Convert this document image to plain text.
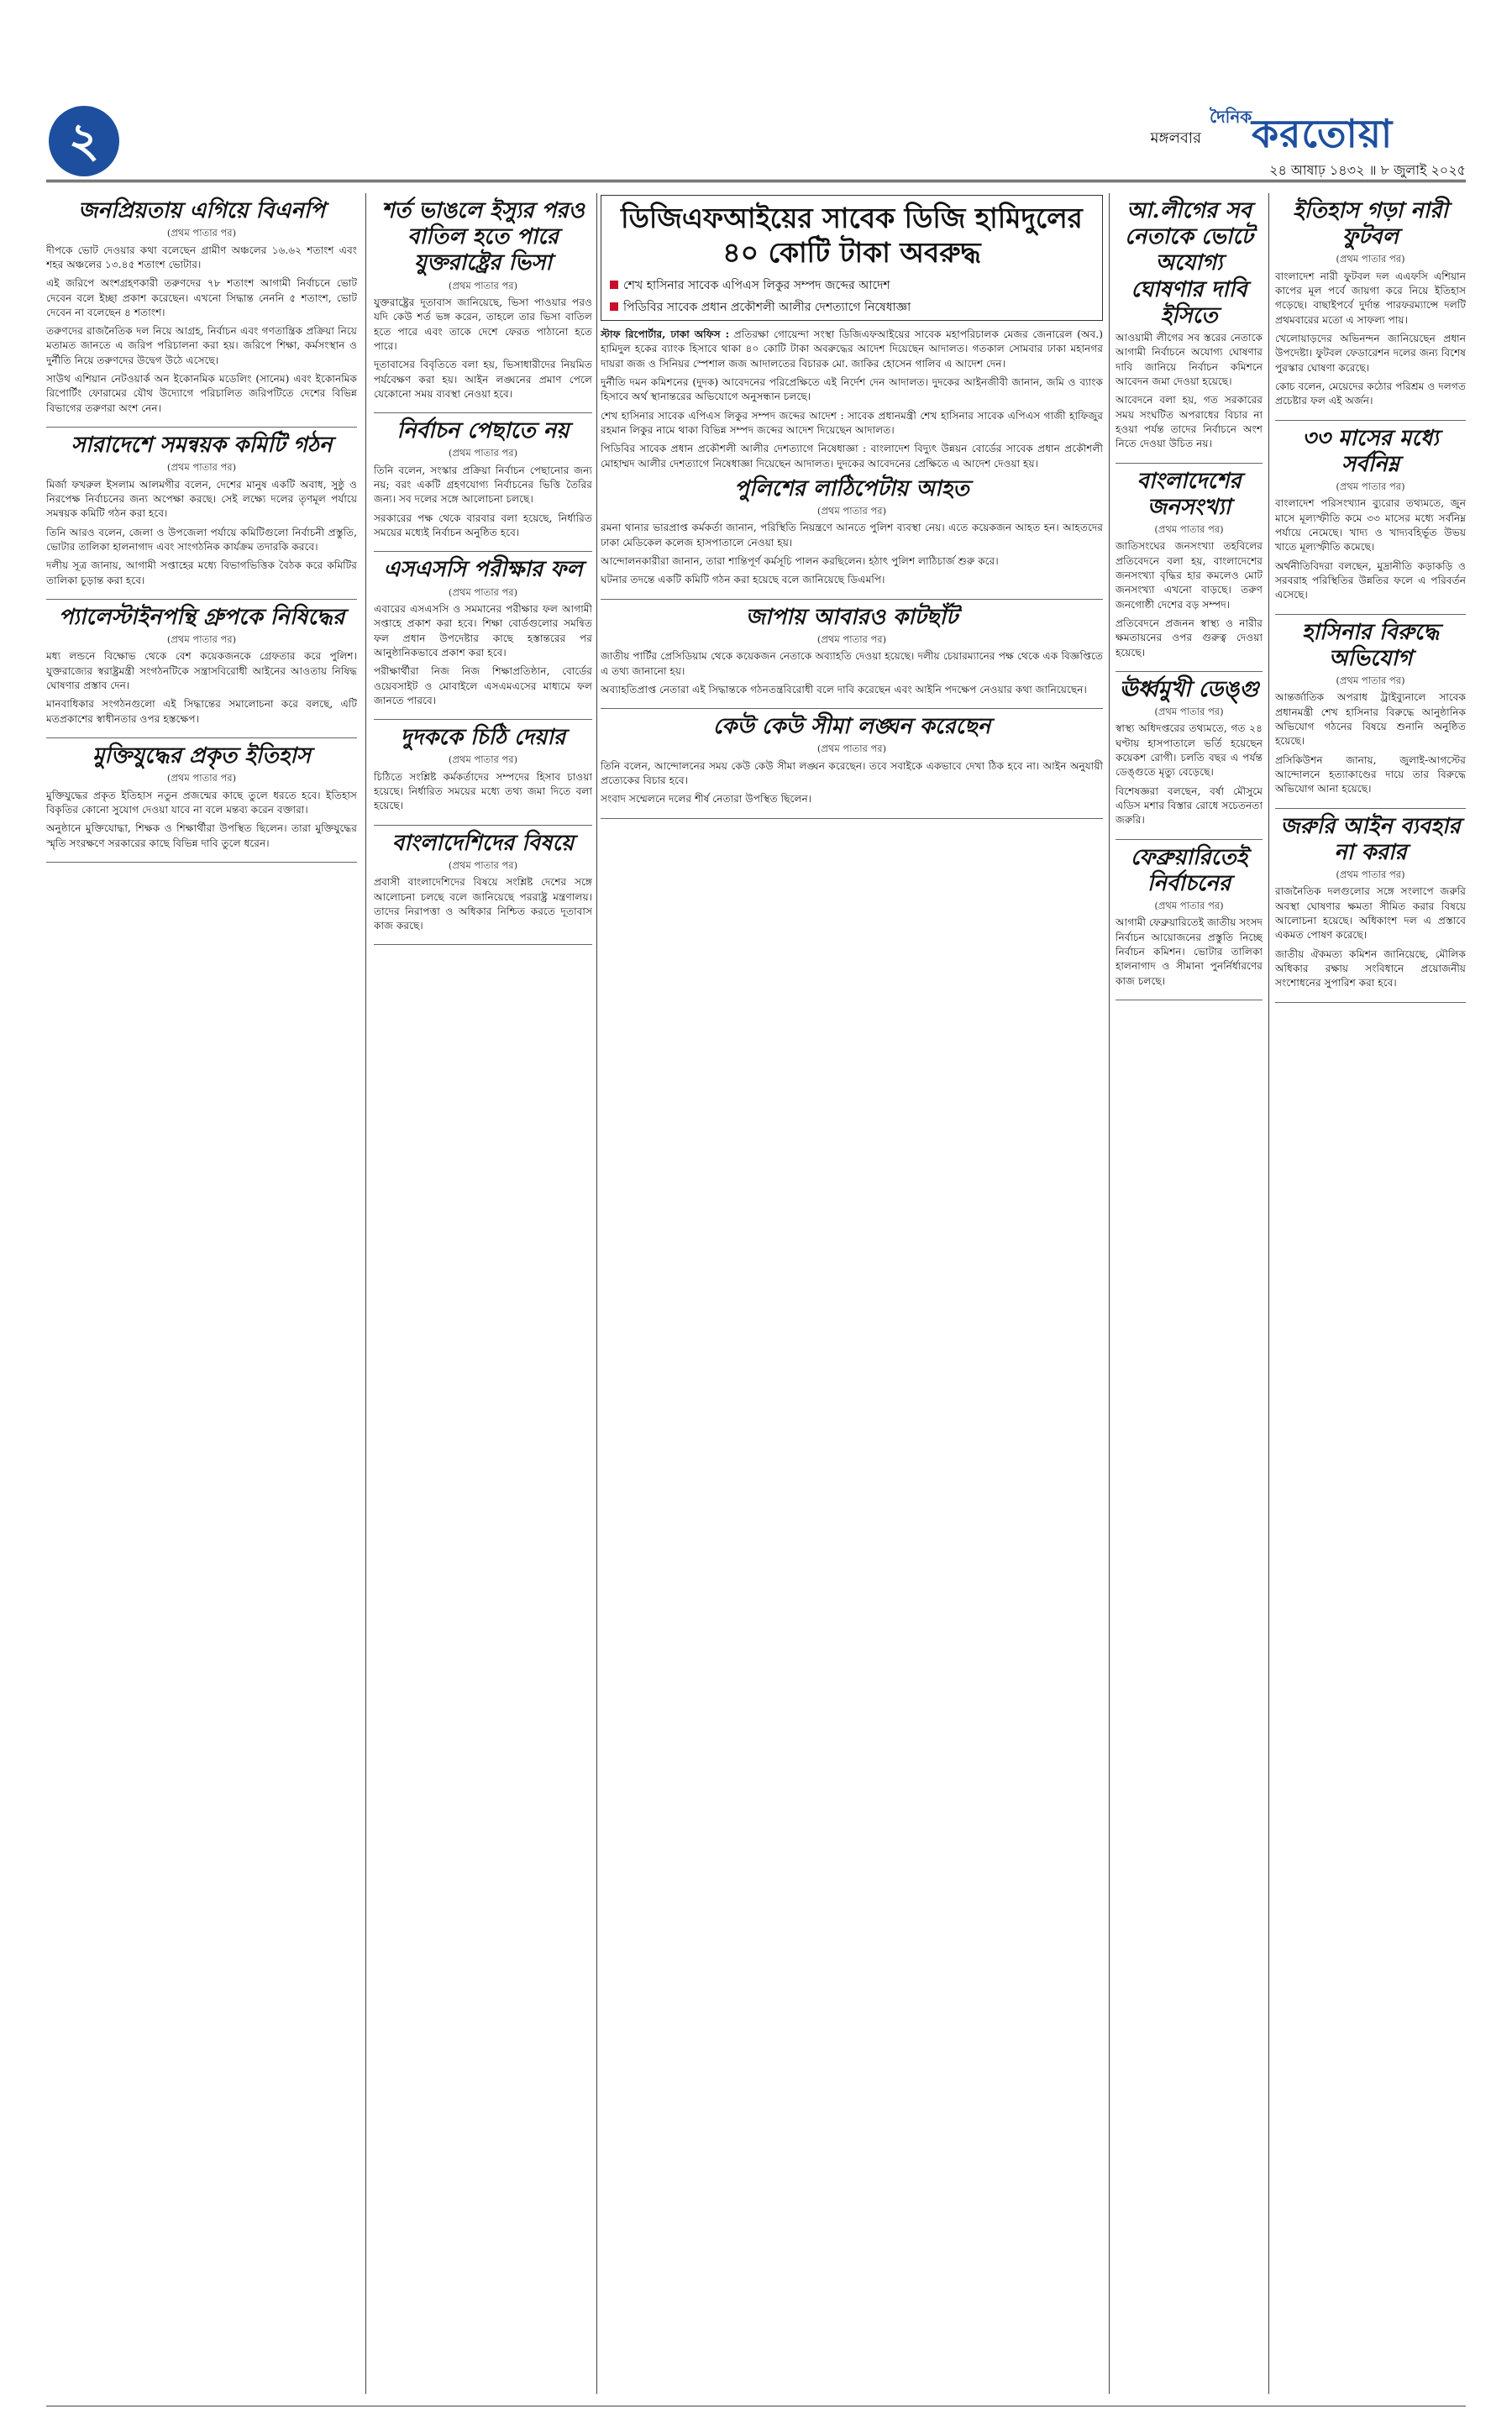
২	মঙ্গলবার
দৈনিক করতোয়া
২৪ আষাঢ় ১৪৩২ ॥ ৮ জুলাই ২০২৫
ডিজিএফআইয়ের সাবেক ডিজি হামিদুলের ৪০ কোটি টাকা অবরুদ্ধ
শেখ হাসিনার সাবেক এপিএস লিকুর সম্পদ জব্দের আদেশ
পিডিবির সাবেক প্রধান প্রকৌশলী আলীর দেশত্যাগে নিষেধাজ্ঞা
জনপ্রিয়তায় এগিয়ে বিএনপি
(প্রথম পাতার পর)

দীপকে ভোট দেওয়ার কথা বলেছেন গ্রামীণ অঞ্চলের ১৬.৬২ শতাংশ এবং শহর অঞ্চলের ১৩.৪৫ শতাংশ ভোটার।

এই জরিপে অংশগ্রহণকারী তরুণদের ৭৮ শতাংশ আগামী নির্বাচনে ভোট দেবেন বলে ইচ্ছা প্রকাশ করেছেন। এখনো সিদ্ধান্ত নেননি ৫ শতাংশ, ভোট দেবেন না বলেছেন ৪ শতাংশ।

তরুণদের রাজনৈতিক দল নিয়ে আগ্রহ, নির্বাচন এবং গণতান্ত্রিক প্রক্রিয়া নিয়ে মতামত জানতে এ জরিপ পরিচালনা করা হয়। জরিপে শিক্ষা, কর্মসংস্থান ও দুর্নীতি নিয়ে তরুণদের উদ্বেগ উঠে এসেছে।

সাউথ এশিয়ান নেটওয়ার্ক অন ইকোনমিক মডেলিং (সানেম) এবং ইকোনমিক রিপোর্টিং ফোরামের যৌথ উদ্যোগে পরিচালিত জরিপটিতে দেশের বিভিন্ন বিভাগের তরুণরা অংশ নেন।

সারাদেশে সমন্বয়ক কমিটি গঠন
(প্রথম পাতার পর)

মির্জা ফখরুল ইসলাম আলমগীর বলেন, দেশের মানুষ একটি অবাধ, সুষ্ঠু ও নিরপেক্ষ নির্বাচনের জন্য অপেক্ষা করছে। সেই লক্ষ্যে দলের তৃণমূল পর্যায়ে সমন্বয়ক কমিটি গঠন করা হবে।

তিনি আরও বলেন, জেলা ও উপজেলা পর্যায়ে কমিটিগুলো নির্বাচনী প্রস্তুতি, ভোটার তালিকা হালনাগাদ এবং সাংগঠনিক কার্যক্রম তদারকি করবে।

দলীয় সূত্র জানায়, আগামী সপ্তাহের মধ্যে বিভাগভিত্তিক বৈঠক করে কমিটির তালিকা চূড়ান্ত করা হবে।

প্যালেস্টাইনপন্থি গ্রুপকে নিষিদ্ধের
(প্রথম পাতার পর)

মধ্য লন্ডনে বিক্ষোভ থেকে বেশ কয়েকজনকে গ্রেফতার করে পুলিশ। যুক্তরাজ্যের স্বরাষ্ট্রমন্ত্রী সংগঠনটিকে সন্ত্রাসবিরোধী আইনের আওতায় নিষিদ্ধ ঘোষণার প্রস্তাব দেন।

মানবাধিকার সংগঠনগুলো এই সিদ্ধান্তের সমালোচনা করে বলছে, এটি মতপ্রকাশের স্বাধীনতার ওপর হস্তক্ষেপ।

মুক্তিযুদ্ধের প্রকৃত ইতিহাস
(প্রথম পাতার পর)

মুক্তিযুদ্ধের প্রকৃত ইতিহাস নতুন প্রজন্মের কাছে তুলে ধরতে হবে। ইতিহাস বিকৃতির কোনো সুযোগ দেওয়া যাবে না বলে মন্তব্য করেন বক্তারা।

অনুষ্ঠানে মুক্তিযোদ্ধা, শিক্ষক ও শিক্ষার্থীরা উপস্থিত ছিলেন। তারা মুক্তিযুদ্ধের স্মৃতি সংরক্ষণে সরকারের কাছে বিভিন্ন দাবি তুলে ধরেন।

শর্ত ভাঙলে ইস্যুর পরও বাতিল হতে পারে যুক্তরাষ্ট্রের ভিসা
(প্রথম পাতার পর)

যুক্তরাষ্ট্রের দূতাবাস জানিয়েছে, ভিসা পাওয়ার পরও যদি কেউ শর্ত ভঙ্গ করেন, তাহলে তার ভিসা বাতিল হতে পারে এবং তাকে দেশে ফেরত পাঠানো হতে পারে।

দূতাবাসের বিবৃতিতে বলা হয়, ভিসাধারীদের নিয়মিত পর্যবেক্ষণ করা হয়। আইন লঙ্ঘনের প্রমাণ পেলে যেকোনো সময় ব্যবস্থা নেওয়া হবে।

নির্বাচন পেছাতে নয়
(প্রথম পাতার পর)

তিনি বলেন, সংস্কার প্রক্রিয়া নির্বাচন পেছানোর জন্য নয়; বরং একটি গ্রহণযোগ্য নির্বাচনের ভিত্তি তৈরির জন্য। সব দলের সঙ্গে আলোচনা চলছে।

সরকারের পক্ষ থেকে বারবার বলা হয়েছে, নির্ধারিত সময়ের মধ্যেই নির্বাচন অনুষ্ঠিত হবে।

এসএসসি পরীক্ষার ফল
(প্রথম পাতার পর)

এবারের এসএসসি ও সমমানের পরীক্ষার ফল আগামী সপ্তাহে প্রকাশ করা হবে। শিক্ষা বোর্ডগুলোর সমন্বিত ফল প্রধান উপদেষ্টার কাছে হস্তান্তরের পর আনুষ্ঠানিকভাবে প্রকাশ করা হবে।

পরীক্ষার্থীরা নিজ নিজ শিক্ষাপ্রতিষ্ঠান, বোর্ডের ওয়েবসাইট ও মোবাইলে এসএমএসের মাধ্যমে ফল জানতে পারবে।

দুদককে চিঠি দেয়ার
(প্রথম পাতার পর)

চিঠিতে সংশ্লিষ্ট কর্মকর্তাদের সম্পদের হিসাব চাওয়া হয়েছে। নির্ধারিত সময়ের মধ্যে তথ্য জমা দিতে বলা হয়েছে।

বাংলাদেশিদের বিষয়ে
(প্রথম পাতার পর)

প্রবাসী বাংলাদেশিদের বিষয়ে সংশ্লিষ্ট দেশের সঙ্গে আলোচনা চলছে বলে জানিয়েছে পররাষ্ট্র মন্ত্রণালয়। তাদের নিরাপত্তা ও অধিকার নিশ্চিত করতে দূতাবাস কাজ করছে।

স্টাফ রিপোর্টার, ঢাকা অফিস : প্রতিরক্ষা গোয়েন্দা সংস্থা ডিজিএফআইয়ের সাবেক মহাপরিচালক মেজর জেনারেল (অব.) হামিদুল হকের ব্যাংক হিসাবে থাকা ৪০ কোটি টাকা অবরুদ্ধের আদেশ দিয়েছেন আদালত। গতকাল সোমবার ঢাকা মহানগর দায়রা জজ ও সিনিয়র স্পেশাল জজ আদালতের বিচারক মো. জাকির হোসেন গালিব এ আদেশ দেন।

দুর্নীতি দমন কমিশনের (দুদক) আবেদনের পরিপ্রেক্ষিতে এই নির্দেশ দেন আদালত। দুদকের আইনজীবী জানান, জমি ও ব্যাংক হিসাবে অর্থ স্থানান্তরের অভিযোগে অনুসন্ধান চলছে।

শেখ হাসিনার সাবেক এপিএস লিকুর সম্পদ জব্দের আদেশ : সাবেক প্রধানমন্ত্রী শেখ হাসিনার সাবেক এপিএস গাজী হাফিজুর রহমান লিকুর নামে থাকা বিভিন্ন সম্পদ জব্দের আদেশ দিয়েছেন আদালত।

পিডিবির সাবেক প্রধান প্রকৌশলী আলীর দেশত্যাগে নিষেধাজ্ঞা : বাংলাদেশ বিদ্যুৎ উন্নয়ন বোর্ডের সাবেক প্রধান প্রকৌশলী মোহাম্মদ আলীর দেশত্যাগে নিষেধাজ্ঞা দিয়েছেন আদালত। দুদকের আবেদনের প্রেক্ষিতে এ আদেশ দেওয়া হয়।

পুলিশের লাঠিপেটায় আহত
(প্রথম পাতার পর)

রমনা থানার ভারপ্রাপ্ত কর্মকর্তা জানান, পরিস্থিতি নিয়ন্ত্রণে আনতে পুলিশ ব্যবস্থা নেয়। এতে কয়েকজন আহত হন। আহতদের ঢাকা মেডিকেল কলেজ হাসপাতালে নেওয়া হয়।

আন্দোলনকারীরা জানান, তারা শান্তিপূর্ণ কর্মসূচি পালন করছিলেন। হঠাৎ পুলিশ লাঠিচার্জ শুরু করে।

ঘটনার তদন্তে একটি কমিটি গঠন করা হয়েছে বলে জানিয়েছে ডিএমপি।

জাপায় আবারও কাটছাঁট
(প্রথম পাতার পর)

জাতীয় পার্টির প্রেসিডিয়াম থেকে কয়েকজন নেতাকে অব্যাহতি দেওয়া হয়েছে। দলীয় চেয়ারম্যানের পক্ষ থেকে এক বিজ্ঞপ্তিতে এ তথ্য জানানো হয়।

অব্যাহতিপ্রাপ্ত নেতারা এই সিদ্ধান্তকে গঠনতন্ত্রবিরোধী বলে দাবি করেছেন এবং আইনি পদক্ষেপ নেওয়ার কথা জানিয়েছেন।

কেউ কেউ সীমা লঙ্ঘন করেছেন
(প্রথম পাতার পর)

তিনি বলেন, আন্দোলনের সময় কেউ কেউ সীমা লঙ্ঘন করেছেন। তবে সবাইকে একভাবে দেখা ঠিক হবে না। আইন অনুযায়ী প্রত্যেকের বিচার হবে।

সংবাদ সম্মেলনে দলের শীর্ষ নেতারা উপস্থিত ছিলেন।

আ.লীগের সব নেতাকে ভোটে অযোগ্য ঘোষণার দাবি ইসিতে

আওয়ামী লীগের সব স্তরের নেতাকে আগামী নির্বাচনে অযোগ্য ঘোষণার দাবি জানিয়ে নির্বাচন কমিশনে আবেদন জমা দেওয়া হয়েছে।

আবেদনে বলা হয়, গত সরকারের সময় সংঘটিত অপরাধের বিচার না হওয়া পর্যন্ত তাদের নির্বাচনে অংশ নিতে দেওয়া উচিত নয়।

বাংলাদেশের জনসংখ্যা
(প্রথম পাতার পর)

জাতিসংঘের জনসংখ্যা তহবিলের প্রতিবেদনে বলা হয়, বাংলাদেশের জনসংখ্যা বৃদ্ধির হার কমলেও মোট জনসংখ্যা এখনো বাড়ছে। তরুণ জনগোষ্ঠী দেশের বড় সম্পদ।

প্রতিবেদনে প্রজনন স্বাস্থ্য ও নারীর ক্ষমতায়নের ওপর গুরুত্ব দেওয়া হয়েছে।

ঊর্ধ্বমুখী ডেঙ্গু
(প্রথম পাতার পর)

স্বাস্থ্য অধিদপ্তরের তথ্যমতে, গত ২৪ ঘণ্টায় হাসপাতালে ভর্তি হয়েছেন কয়েকশ রোগী। চলতি বছর এ পর্যন্ত ডেঙ্গুতে মৃত্যু বেড়েছে।

বিশেষজ্ঞরা বলছেন, বর্ষা মৌসুমে এডিস মশার বিস্তার রোধে সচেতনতা জরুরি।

ফেব্রুয়ারিতেই নির্বাচনের
(প্রথম পাতার পর)

আগামী ফেব্রুয়ারিতেই জাতীয় সংসদ নির্বাচন আয়োজনের প্রস্তুতি নিচ্ছে নির্বাচন কমিশন। ভোটার তালিকা হালনাগাদ ও সীমানা পুনর্নির্ধারণের কাজ চলছে।

ইতিহাস গড়া নারী ফুটবল
(প্রথম পাতার পর)

বাংলাদেশ নারী ফুটবল দল এএফসি এশিয়ান কাপের মূল পর্বে জায়গা করে নিয়ে ইতিহাস গড়েছে। বাছাইপর্বে দুর্দান্ত পারফরম্যান্সে দলটি প্রথমবারের মতো এ সাফল্য পায়।

খেলোয়াড়দের অভিনন্দন জানিয়েছেন প্রধান উপদেষ্টা। ফুটবল ফেডারেশন দলের জন্য বিশেষ পুরস্কার ঘোষণা করেছে।

কোচ বলেন, মেয়েদের কঠোর পরিশ্রম ও দলগত প্রচেষ্টার ফল এই অর্জন।

৩৩ মাসের মধ্যে সর্বনিম্ন
(প্রথম পাতার পর)

বাংলাদেশ পরিসংখ্যান ব্যুরোর তথ্যমতে, জুন মাসে মূল্যস্ফীতি কমে ৩৩ মাসের মধ্যে সর্বনিম্ন পর্যায়ে নেমেছে। খাদ্য ও খাদ্যবহির্ভূত উভয় খাতে মূল্যস্ফীতি কমেছে।

অর্থনীতিবিদরা বলছেন, মুদ্রানীতি কড়াকড়ি ও সরবরাহ পরিস্থিতির উন্নতির ফলে এ পরিবর্তন এসেছে।

হাসিনার বিরুদ্ধে অভিযোগ
(প্রথম পাতার পর)

আন্তর্জাতিক অপরাধ ট্রাইব্যুনালে সাবেক প্রধানমন্ত্রী শেখ হাসিনার বিরুদ্ধে আনুষ্ঠানিক অভিযোগ গঠনের বিষয়ে শুনানি অনুষ্ঠিত হয়েছে।

প্রসিকিউশন জানায়, জুলাই-আগস্টের আন্দোলনে হত্যাকাণ্ডের দায়ে তার বিরুদ্ধে অভিযোগ আনা হয়েছে।

জরুরি আইন ব্যবহার না করার
(প্রথম পাতার পর)

রাজনৈতিক দলগুলোর সঙ্গে সংলাপে জরুরি অবস্থা ঘোষণার ক্ষমতা সীমিত করার বিষয়ে আলোচনা হয়েছে। অধিকাংশ দল এ প্রস্তাবে একমত পোষণ করেছে।

জাতীয় ঐকমত্য কমিশন জানিয়েছে, মৌলিক অধিকার রক্ষায় সংবিধানে প্রয়োজনীয় সংশোধনের সুপারিশ করা হবে।
